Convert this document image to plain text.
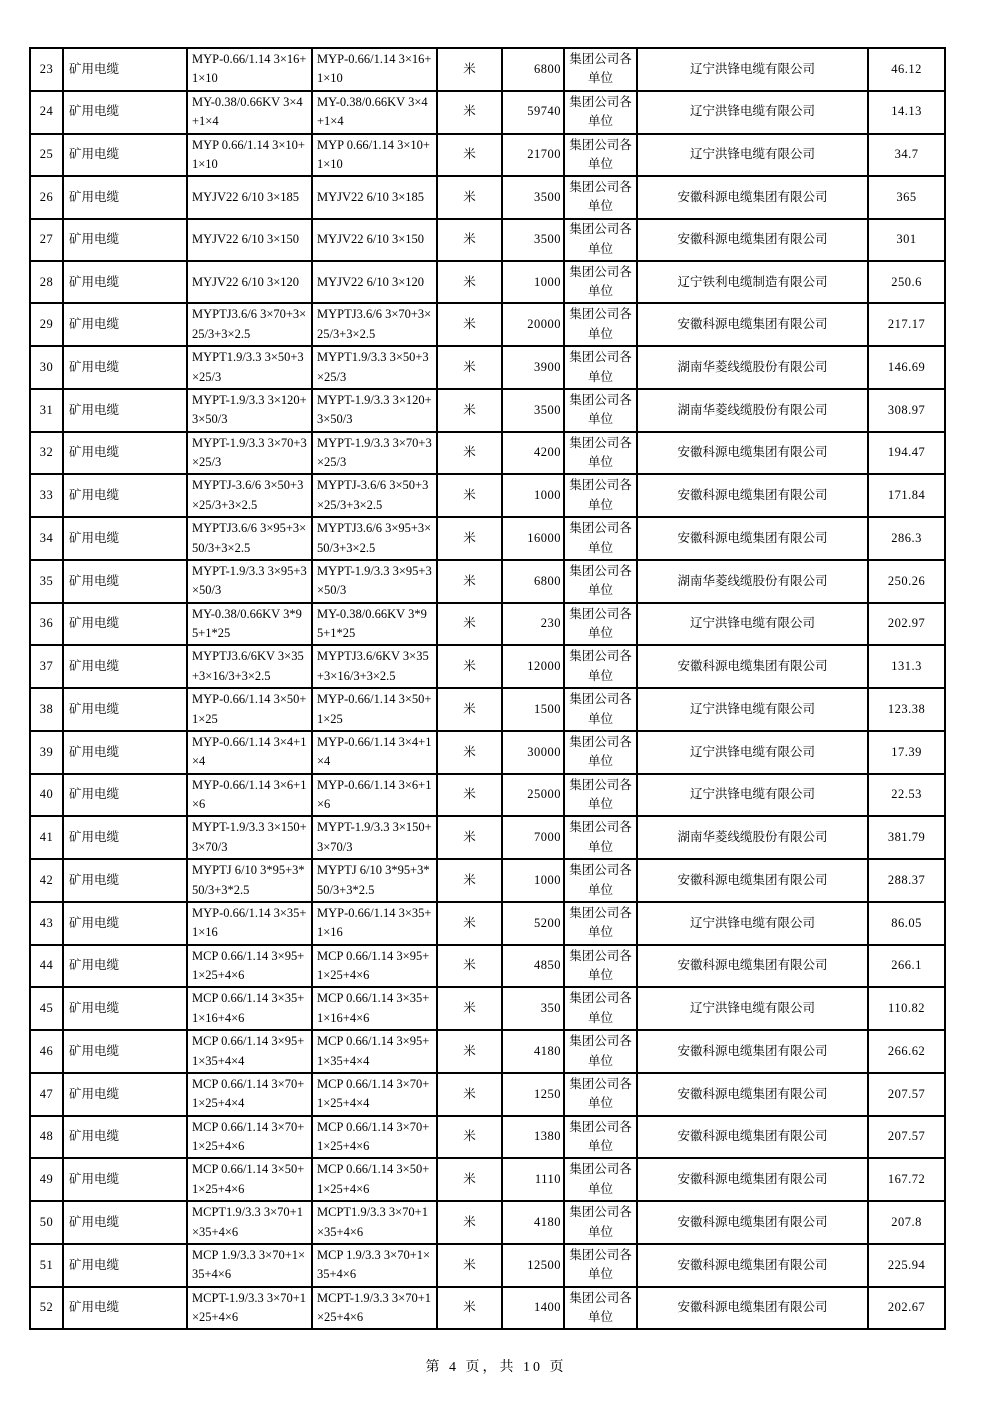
23	矿用电缆	MYP-0.66/1.14 3×16+1×10	MYP-0.66/1.14 3×16+1×10	米	6800	集团公司各单位	辽宁洪锋电缆有限公司	46.12
24	矿用电缆	MY-0.38/0.66KV 3×4+1×4	MY-0.38/0.66KV 3×4+1×4	米	59740	集团公司各单位	辽宁洪锋电缆有限公司	14.13
25	矿用电缆	MYP 0.66/1.14 3×10+1×10	MYP 0.66/1.14 3×10+1×10	米	21700	集团公司各单位	辽宁洪锋电缆有限公司	34.7
26	矿用电缆	MYJV22 6/10 3×185	MYJV22 6/10 3×185	米	3500	集团公司各单位	安徽科源电缆集团有限公司	365
27	矿用电缆	MYJV22 6/10 3×150	MYJV22 6/10 3×150	米	3500	集团公司各单位	安徽科源电缆集团有限公司	301
28	矿用电缆	MYJV22 6/10 3×120	MYJV22 6/10 3×120	米	1000	集团公司各单位	辽宁铁利电缆制造有限公司	250.6
29	矿用电缆	MYPTJ3.6/6 3×70+3×25/3+3×2.5	MYPTJ3.6/6 3×70+3×25/3+3×2.5	米	20000	集团公司各单位	安徽科源电缆集团有限公司	217.17
30	矿用电缆	MYPT1.9/3.3 3×50+3×25/3	MYPT1.9/3.3 3×50+3×25/3	米	3900	集团公司各单位	湖南华菱线缆股份有限公司	146.69
31	矿用电缆	MYPT-1.9/3.3 3×120+3×50/3	MYPT-1.9/3.3 3×120+3×50/3	米	3500	集团公司各单位	湖南华菱线缆股份有限公司	308.97
32	矿用电缆	MYPT-1.9/3.3 3×70+3×25/3	MYPT-1.9/3.3 3×70+3×25/3	米	4200	集团公司各单位	安徽科源电缆集团有限公司	194.47
33	矿用电缆	MYPTJ-3.6/6 3×50+3×25/3+3×2.5	MYPTJ-3.6/6 3×50+3×25/3+3×2.5	米	1000	集团公司各单位	安徽科源电缆集团有限公司	171.84
34	矿用电缆	MYPTJ3.6/6 3×95+3×50/3+3×2.5	MYPTJ3.6/6 3×95+3×50/3+3×2.5	米	16000	集团公司各单位	安徽科源电缆集团有限公司	286.3
35	矿用电缆	MYPT-1.9/3.3 3×95+3×50/3	MYPT-1.9/3.3 3×95+3×50/3	米	6800	集团公司各单位	湖南华菱线缆股份有限公司	250.26
36	矿用电缆	MY-0.38/0.66KV 3*95+1*25	MY-0.38/0.66KV 3*95+1*25	米	230	集团公司各单位	辽宁洪锋电缆有限公司	202.97
37	矿用电缆	MYPTJ3.6/6KV 3×35+3×16/3+3×2.5	MYPTJ3.6/6KV 3×35+3×16/3+3×2.5	米	12000	集团公司各单位	安徽科源电缆集团有限公司	131.3
38	矿用电缆	MYP-0.66/1.14 3×50+1×25	MYP-0.66/1.14 3×50+1×25	米	1500	集团公司各单位	辽宁洪锋电缆有限公司	123.38
39	矿用电缆	MYP-0.66/1.14 3×4+1×4	MYP-0.66/1.14 3×4+1×4	米	30000	集团公司各单位	辽宁洪锋电缆有限公司	17.39
40	矿用电缆	MYP-0.66/1.14 3×6+1×6	MYP-0.66/1.14 3×6+1×6	米	25000	集团公司各单位	辽宁洪锋电缆有限公司	22.53
41	矿用电缆	MYPT-1.9/3.3 3×150+3×70/3	MYPT-1.9/3.3 3×150+3×70/3	米	7000	集团公司各单位	湖南华菱线缆股份有限公司	381.79
42	矿用电缆	MYPTJ 6/10 3*95+3*50/3+3*2.5	MYPTJ 6/10 3*95+3*50/3+3*2.5	米	1000	集团公司各单位	安徽科源电缆集团有限公司	288.37
43	矿用电缆	MYP-0.66/1.14 3×35+1×16	MYP-0.66/1.14 3×35+1×16	米	5200	集团公司各单位	辽宁洪锋电缆有限公司	86.05
44	矿用电缆	MCP 0.66/1.14 3×95+1×25+4×6	MCP 0.66/1.14 3×95+1×25+4×6	米	4850	集团公司各单位	安徽科源电缆集团有限公司	266.1
45	矿用电缆	MCP 0.66/1.14 3×35+1×16+4×6	MCP 0.66/1.14 3×35+1×16+4×6	米	350	集团公司各单位	辽宁洪锋电缆有限公司	110.82
46	矿用电缆	MCP 0.66/1.14 3×95+1×35+4×4	MCP 0.66/1.14 3×95+1×35+4×4	米	4180	集团公司各单位	安徽科源电缆集团有限公司	266.62
47	矿用电缆	MCP 0.66/1.14 3×70+1×25+4×4	MCP 0.66/1.14 3×70+1×25+4×4	米	1250	集团公司各单位	安徽科源电缆集团有限公司	207.57
48	矿用电缆	MCP 0.66/1.14 3×70+1×25+4×6	MCP 0.66/1.14 3×70+1×25+4×6	米	1380	集团公司各单位	安徽科源电缆集团有限公司	207.57
49	矿用电缆	MCP 0.66/1.14 3×50+1×25+4×6	MCP 0.66/1.14 3×50+1×25+4×6	米	1110	集团公司各单位	安徽科源电缆集团有限公司	167.72
50	矿用电缆	MCPT1.9/3.3 3×70+1×35+4×6	MCPT1.9/3.3 3×70+1×35+4×6	米	4180	集团公司各单位	安徽科源电缆集团有限公司	207.8
51	矿用电缆	MCP 1.9/3.3 3×70+1×35+4×6	MCP 1.9/3.3 3×70+1×35+4×6	米	12500	集团公司各单位	安徽科源电缆集团有限公司	225.94
52	矿用电缆	MCPT-1.9/3.3 3×70+1×25+4×6	MCPT-1.9/3.3 3×70+1×25+4×6	米	1400	集团公司各单位	安徽科源电缆集团有限公司	202.67
第 4 页，共 10 页
